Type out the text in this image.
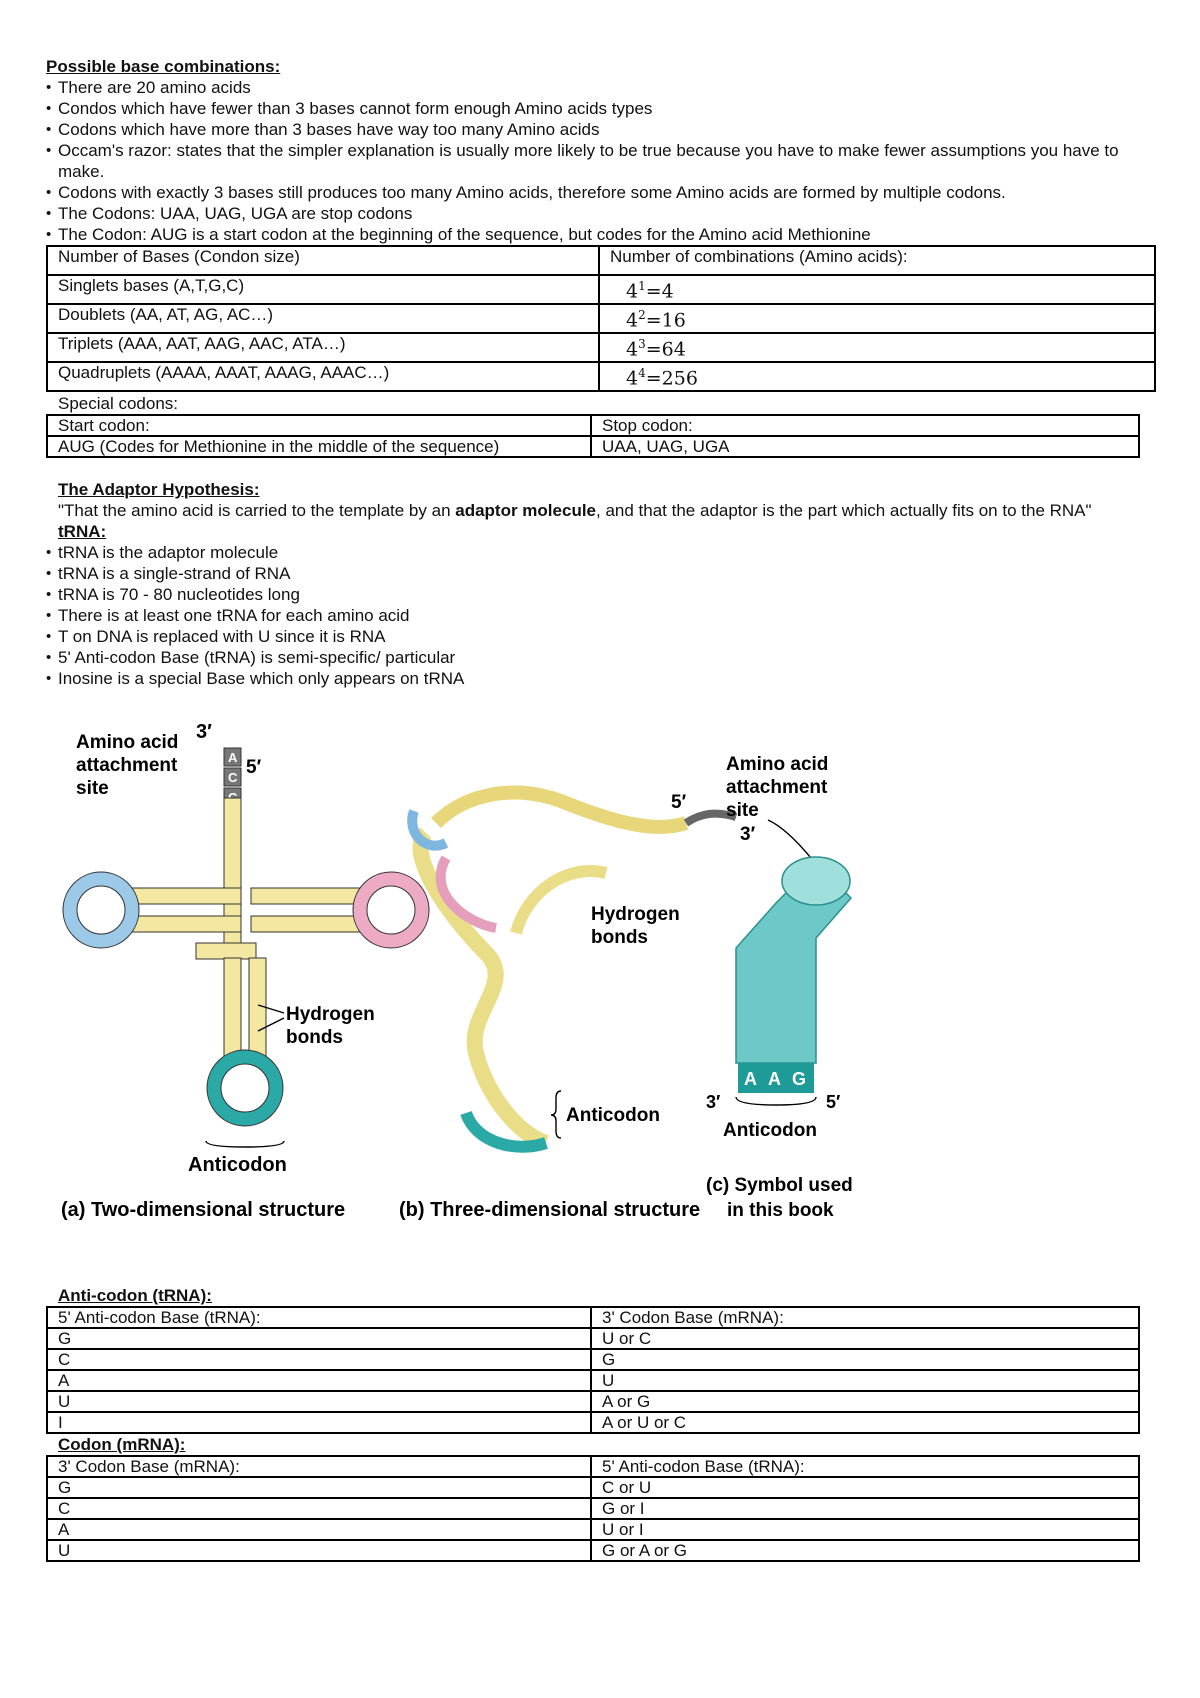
Possible base combinations:
• There are 20 amino acids
• Condos which have fewer than 3 bases cannot form enough Amino acids types
• Codons which have more than 3 bases have way too many Amino acids
• Occam's razor: states that the simpler explanation is usually more likely to be true because you have to make fewer assumptions you have to make.
• Codons with exactly 3 bases still produces too many Amino acids, therefore some Amino acids are formed by multiple codons.
• The Codons: UAA, UAG, UGA are stop codons
• The Codon: AUG is a start codon at the beginning of the sequence, but codes for the Amino acid Methionine
Number of Bases (Condon size)	Number of combinations (Amino acids):
Singlets bases (A,T,G,C)	$4^1=4$
Doublets (AA, AT, AG, AC…)	$4^2=16$
Triplets (AAA, AAT, AAG, AAC, ATA…)	$4^3=64$
Quadruplets (AAAA, AAAT, AAAG, AAAC…)	$4^4=256$
Special codons:
Start codon:	Stop codon:
AUG (Codes for Methionine in the middle of the sequence)	UAA, UAG, UGA
The Adaptor Hypothesis:
"That the amino acid is carried to the template by an adaptor molecule, and that the adaptor is the part which actually fits on to the RNA"
tRNA:
• tRNA is the adaptor molecule
• tRNA is a single-strand of RNA
• tRNA is 70 - 80 nucleotides long
• There is at least one tRNA for each amino acid
• T on DNA is replaced with U since it is RNA
• 5' Anti-codon Base (tRNA) is semi-specific/ particular
• Inosine is a special Base which only appears on tRNA
A
C
3′
5′
Amino acid
attachment
site
Hydrogen
bonds
Anticodon
(a) Two-dimensional structure
5′
3′
Hydrogen
bonds
Anticodon
(b) Three-dimensional structure
Amino acid
attachment
site
A A G
3′	5′
Anticodon
(c) Symbol used
in this book
Anti-codon (tRNA):
5' Anti-codon Base (tRNA):	3' Codon Base (mRNA):
G	U or C
C	G
A	U
U	A or G
I	A or U or C
Codon (mRNA):
3' Codon Base (mRNA):	5' Anti-codon Base (tRNA):
G	C or U
C	G or I
A	U or I
U	G or A or G
